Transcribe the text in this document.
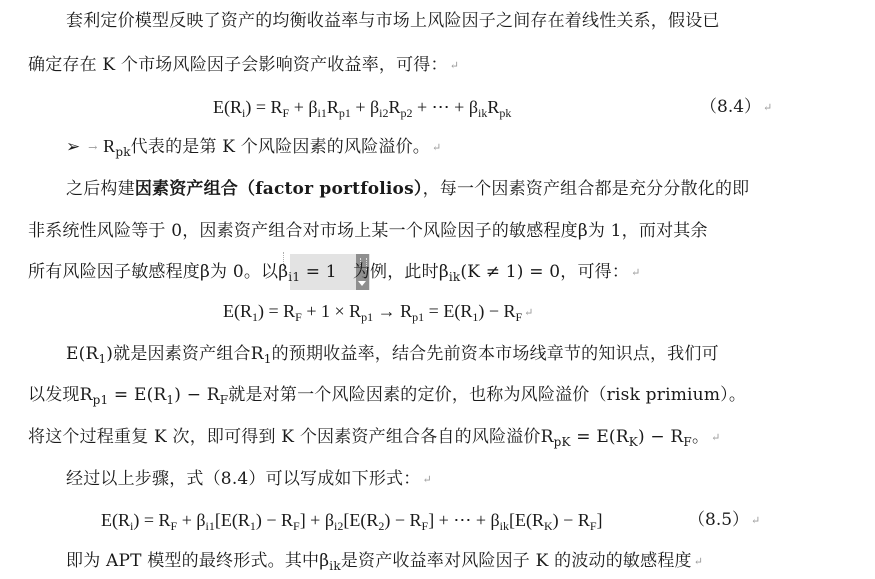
套利定价模型反映了资产的均衡收益率与市场上风险因子之间存在着线性关系，假设已
确定存在 K 个市场风险因子会影响资产收益率，可得： ↵
$E(R_i) = R_F + \beta_{i1}R_{p1} + \beta_{i2}R_{p2}$ + ⋯ + $\beta_{ik}R_{pk}$	（8.4） ↵
➢ → $R_{pk}$代表的是第 K 个风险因素的风险溢价。 ↵
之后构建因素资产组合（factor portfolios），每一个因素资产组合都是充分分散化的即
非系统性风险等于 0，因素资产组合对市场上某一个风险因子的敏感程度β为 1，而对其余
所有风险因子敏感程度β为 0。以$\beta_{i1} = 1$ 为例，此时$\beta_{ik}(K \ne 1) = 0$，可得： ↵
$E(R_1) = R_F + 1 \times R_{p1} \to R_{p1} = E(R_1) - R_F$ ↵
$E(R_1)$就是因素资产组合$R_1$的预期收益率，结合先前资本市场线章节的知识点，我们可
以发现$R_{p1} = E(R_1) - R_F$就是对第一个风险因素的定价，也称为风险溢价（risk primium）。
将这个过程重复 K 次，即可得到 K 个因素资产组合各自的风险溢价$R_{pK} = E(R_K) - R_F$。 ↵
经过以上步骤，式（8.4）可以写成如下形式： ↵
$E(R_i) = R_F + \beta_{i1}[E(R_1) - R_F] + \beta_{i2}[E(R_2) - R_F]$ + ⋯ + $\beta_{ik}[E(R_K) - R_F]$	（8.5） ↵
即为 APT 模型的最终形式。其中$\beta_{ik}$是资产收益率对风险因子 K 的波动的敏感程度 ↵
